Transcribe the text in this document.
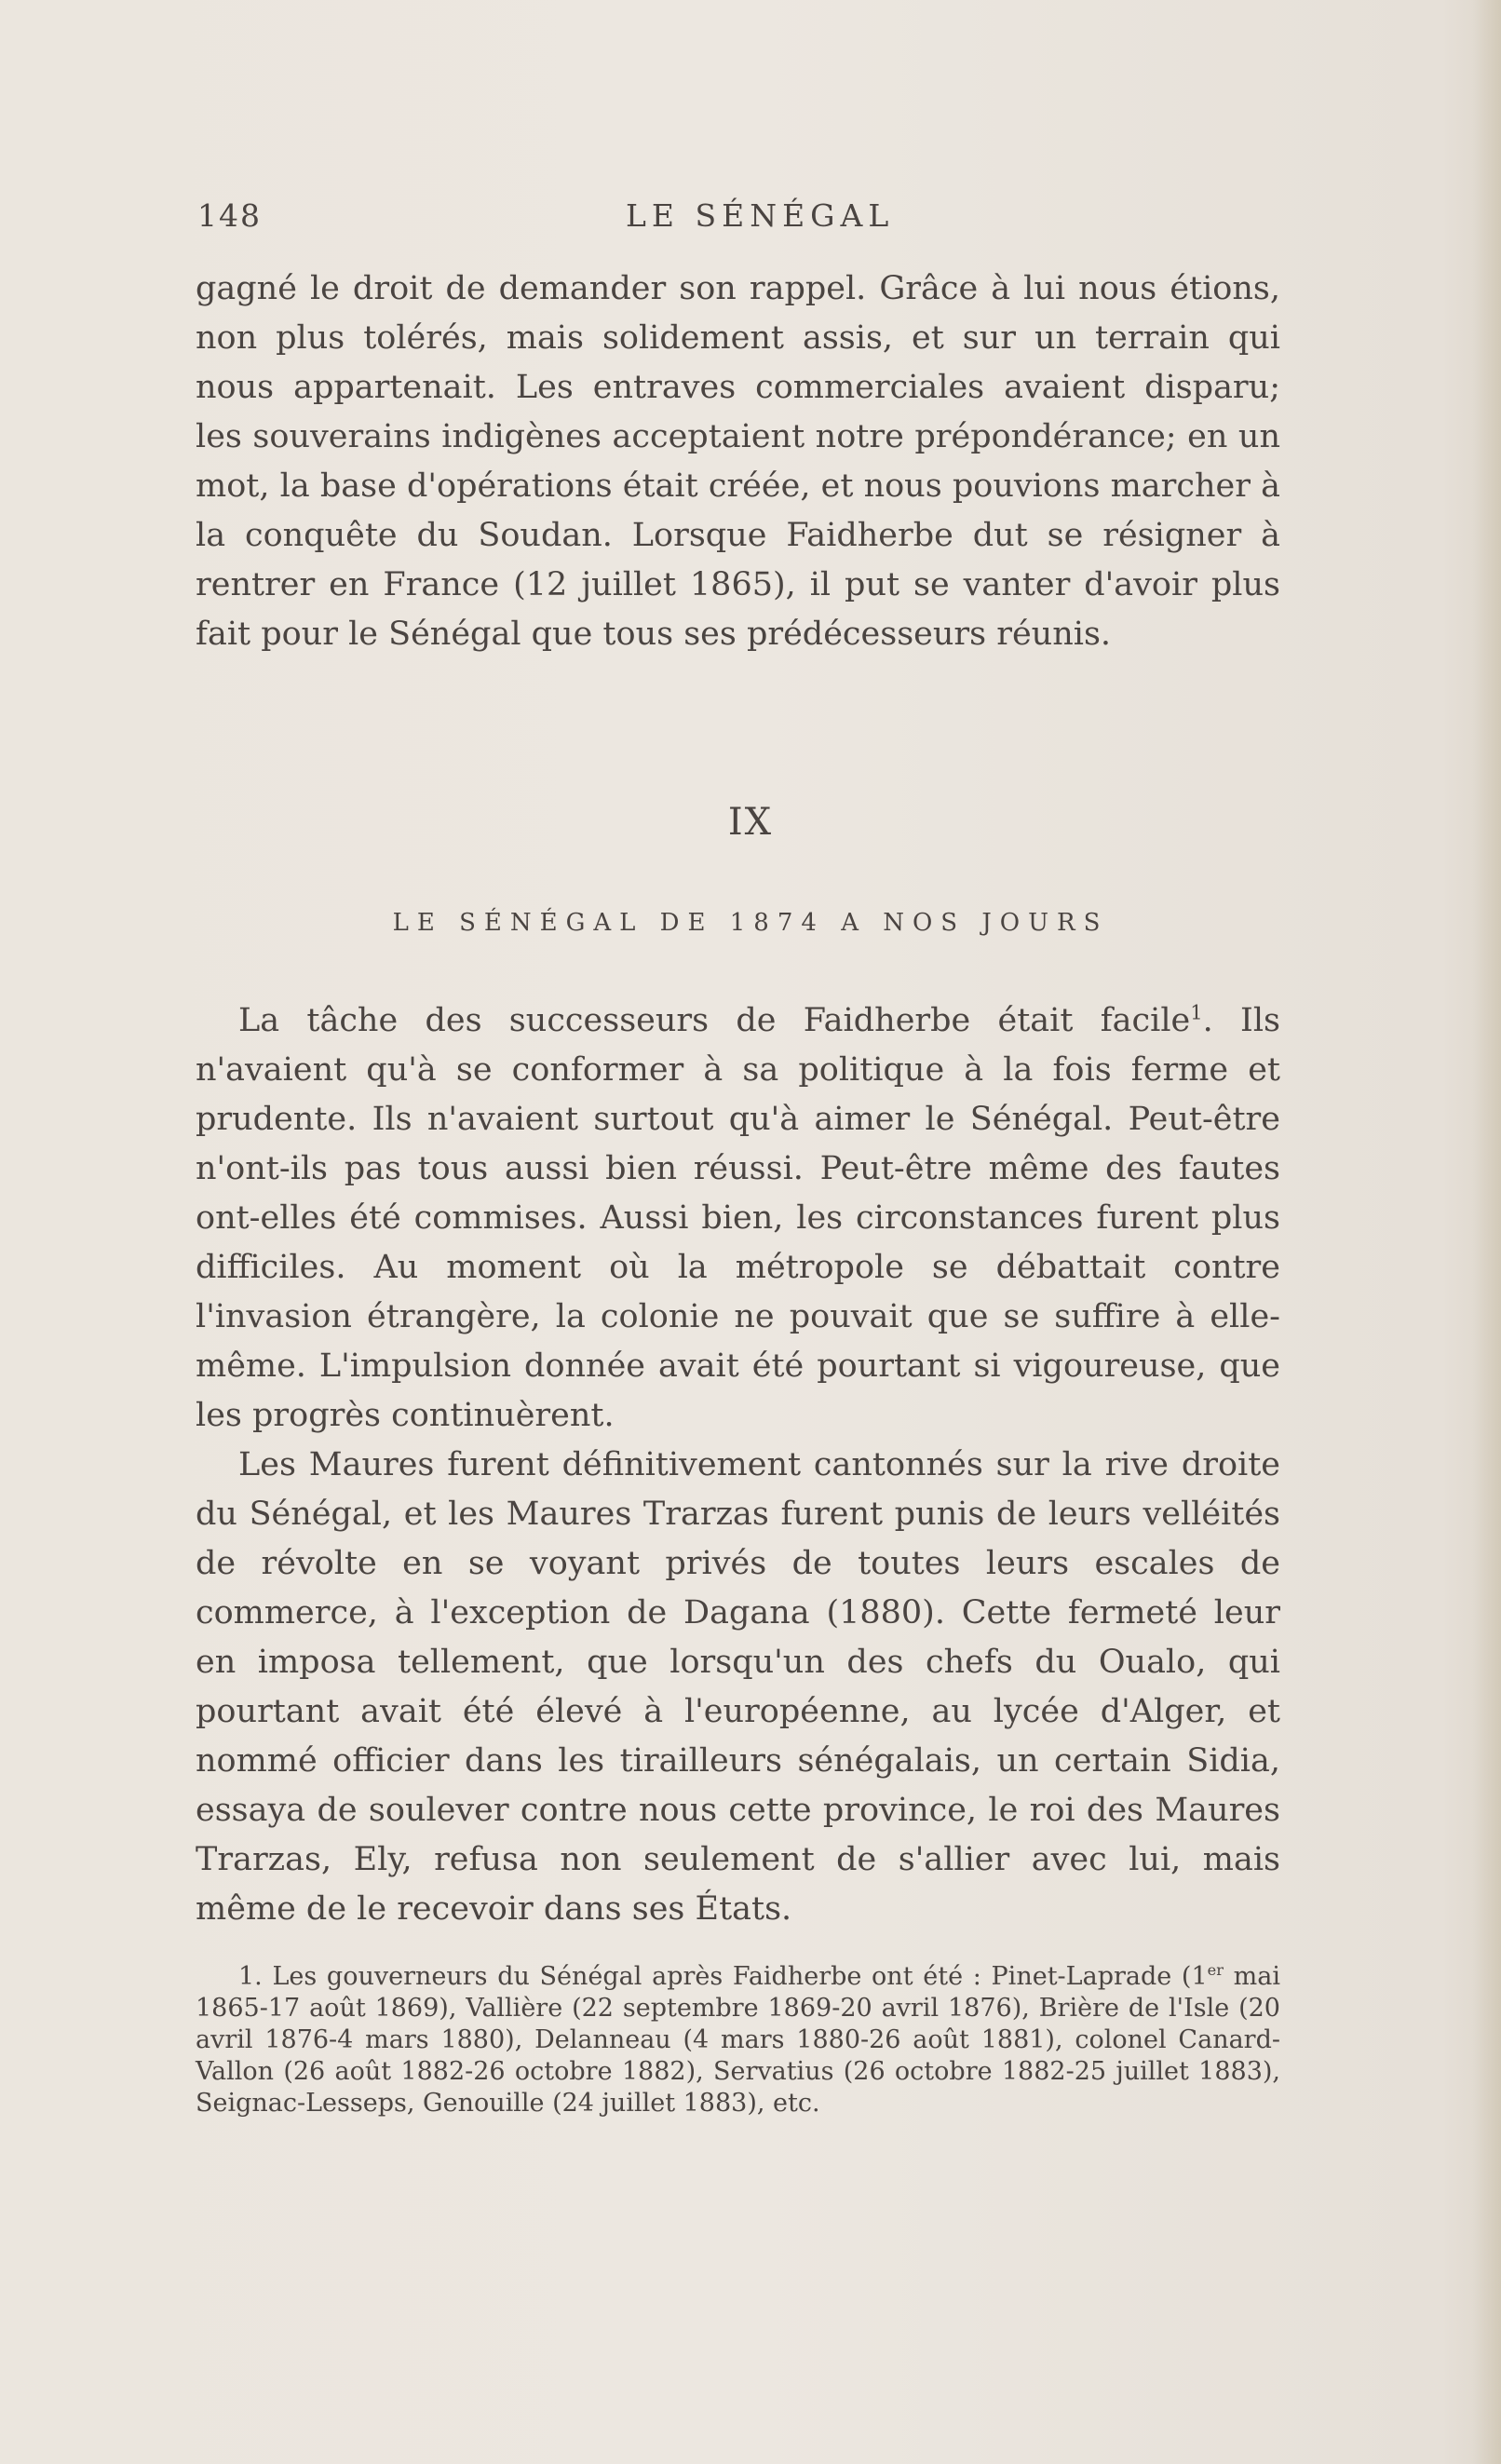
148	LE SÉNÉGAL

gagné le droit de demander son rappel. Grâce à lui nous étions, non plus tolérés, mais solidement assis, et sur un terrain qui nous appartenait. Les entraves commerciales avaient disparu; les souverains indigènes acceptaient notre prépondérance; en un mot, la base d'opérations était créée, et nous pouvions marcher à la conquête du Soudan. Lorsque Faidherbe dut se résigner à rentrer en France (12 juillet 1865), il put se vanter d'avoir plus fait pour le Sénégal que tous ses prédécesseurs réunis.

IX
LE SÉNÉGAL DE 1874 A NOS JOURS

La tâche des successeurs de Faidherbe était facile$^1$. Ils n'avaient qu'à se conformer à sa politique à la fois ferme et prudente. Ils n'avaient surtout qu'à aimer le Sénégal. Peut-être n'ont-ils pas tous aussi bien réussi. Peut-être même des fautes ont-elles été commises. Aussi bien, les circonstances furent plus difficiles. Au moment où la métropole se débattait contre l'invasion étrangère, la colonie ne pouvait que se suffire à elle-même. L'impulsion donnée avait été pourtant si vigoureuse, que les progrès continuèrent.

Les Maures furent définitivement cantonnés sur la rive droite du Sénégal, et les Maures Trarzas furent punis de leurs velléités de révolte en se voyant privés de toutes leurs escales de commerce, à l'exception de Dagana (1880). Cette fermeté leur en imposa tellement, que lorsqu'un des chefs du Oualo, qui pourtant avait été élevé à l'européenne, au lycée d'Alger, et nommé officier dans les tirailleurs sénégalais, un certain Sidia, essaya de soulever contre nous cette province, le roi des Maures Trarzas, Ely, refusa non seulement de s'allier avec lui, mais même de le recevoir dans ses États.

1. Les gouverneurs du Sénégal après Faidherbe ont été : Pinet-Laprade (1er mai 1865-17 août 1869), Vallière (22 septembre 1869-20 avril 1876), Brière de l'Isle (20 avril 1876-4 mars 1880), Delanneau (4 mars 1880-26 août 1881), colonel Canard-Vallon (26 août 1882-26 octobre 1882), Servatius (26 octobre 1882-25 juillet 1883), Seignac-Lesseps, Genouille (24 juillet 1883), etc.
